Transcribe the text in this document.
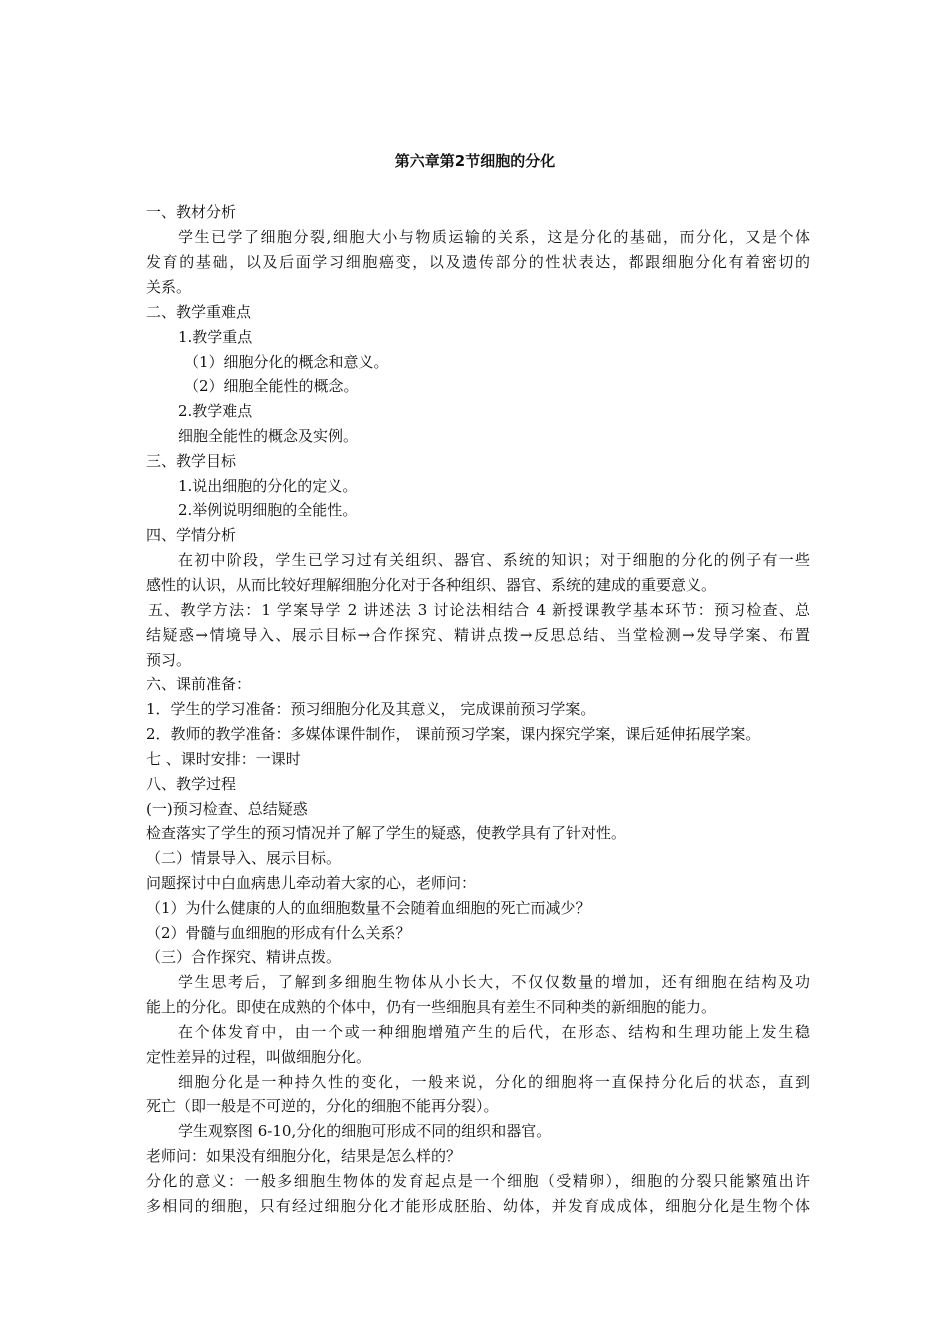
第六章第2节细胞的分化
一、教材分析
学生已学了细胞分裂,细胞大小与物质运输的关系，这是分化的基础，而分化，又是个体
发育的基础，以及后面学习细胞癌变，以及遗传部分的性状表达，都跟细胞分化有着密切的
关系。
二、教学重难点
1.教学重点
（1）细胞分化的概念和意义。
（2）细胞全能性的概念。
2.教学难点
细胞全能性的概念及实例。
三、教学目标
1.说出细胞的分化的定义。
2.举例说明细胞的全能性。
四、学情分析
在初中阶段，学生已学习过有关组织、器官、系统的知识；对于细胞的分化的例子有一些
感性的认识，从而比较好理解细胞分化对于各种组织、器官、系统的建成的重要意义。
五、教学方法：1 学案导学 2 讲述法 3 讨论法相结合 4 新授课教学基本环节：预习检查、总
结疑惑→情境导入、展示目标→合作探究、精讲点拨→反思总结、当堂检测→发导学案、布置
预习。
六、课前准备：
1．学生的学习准备：预习细胞分化及其意义， 完成课前预习学案。
2．教师的教学准备：多媒体课件制作， 课前预习学案，课内探究学案，课后延伸拓展学案。
七 、课时安排：一课时
八、教学过程
(一)预习检查、总结疑惑
检查落实了学生的预习情况并了解了学生的疑惑，使教学具有了针对性。
（二）情景导入、展示目标。
问题探讨中白血病患儿牵动着大家的心，老师问：
（1）为什么健康的人的血细胞数量不会随着血细胞的死亡而减少？
（2）骨髓与血细胞的形成有什么关系？
（三）合作探究、精讲点拨。
学生思考后，了解到多细胞生物体从小长大，不仅仅数量的增加，还有细胞在结构及功
能上的分化。即使在成熟的个体中，仍有一些细胞具有差生不同种类的新细胞的能力。
在个体发育中，由一个或一种细胞增殖产生的后代，在形态、结构和生理功能上发生稳
定性差异的过程，叫做细胞分化。
细胞分化是一种持久性的变化，一般来说，分化的细胞将一直保持分化后的状态，直到
死亡（即一般是不可逆的，分化的细胞不能再分裂）。
学生观察图 6-10,分化的细胞可形成不同的组织和器官。
老师问：如果没有细胞分化，结果是怎么样的？
分化的意义：一般多细胞生物体的发育起点是一个细胞（受精卵），细胞的分裂只能繁殖出许
多相同的细胞，只有经过细胞分化才能形成胚胎、幼体，并发育成成体，细胞分化是生物个体
